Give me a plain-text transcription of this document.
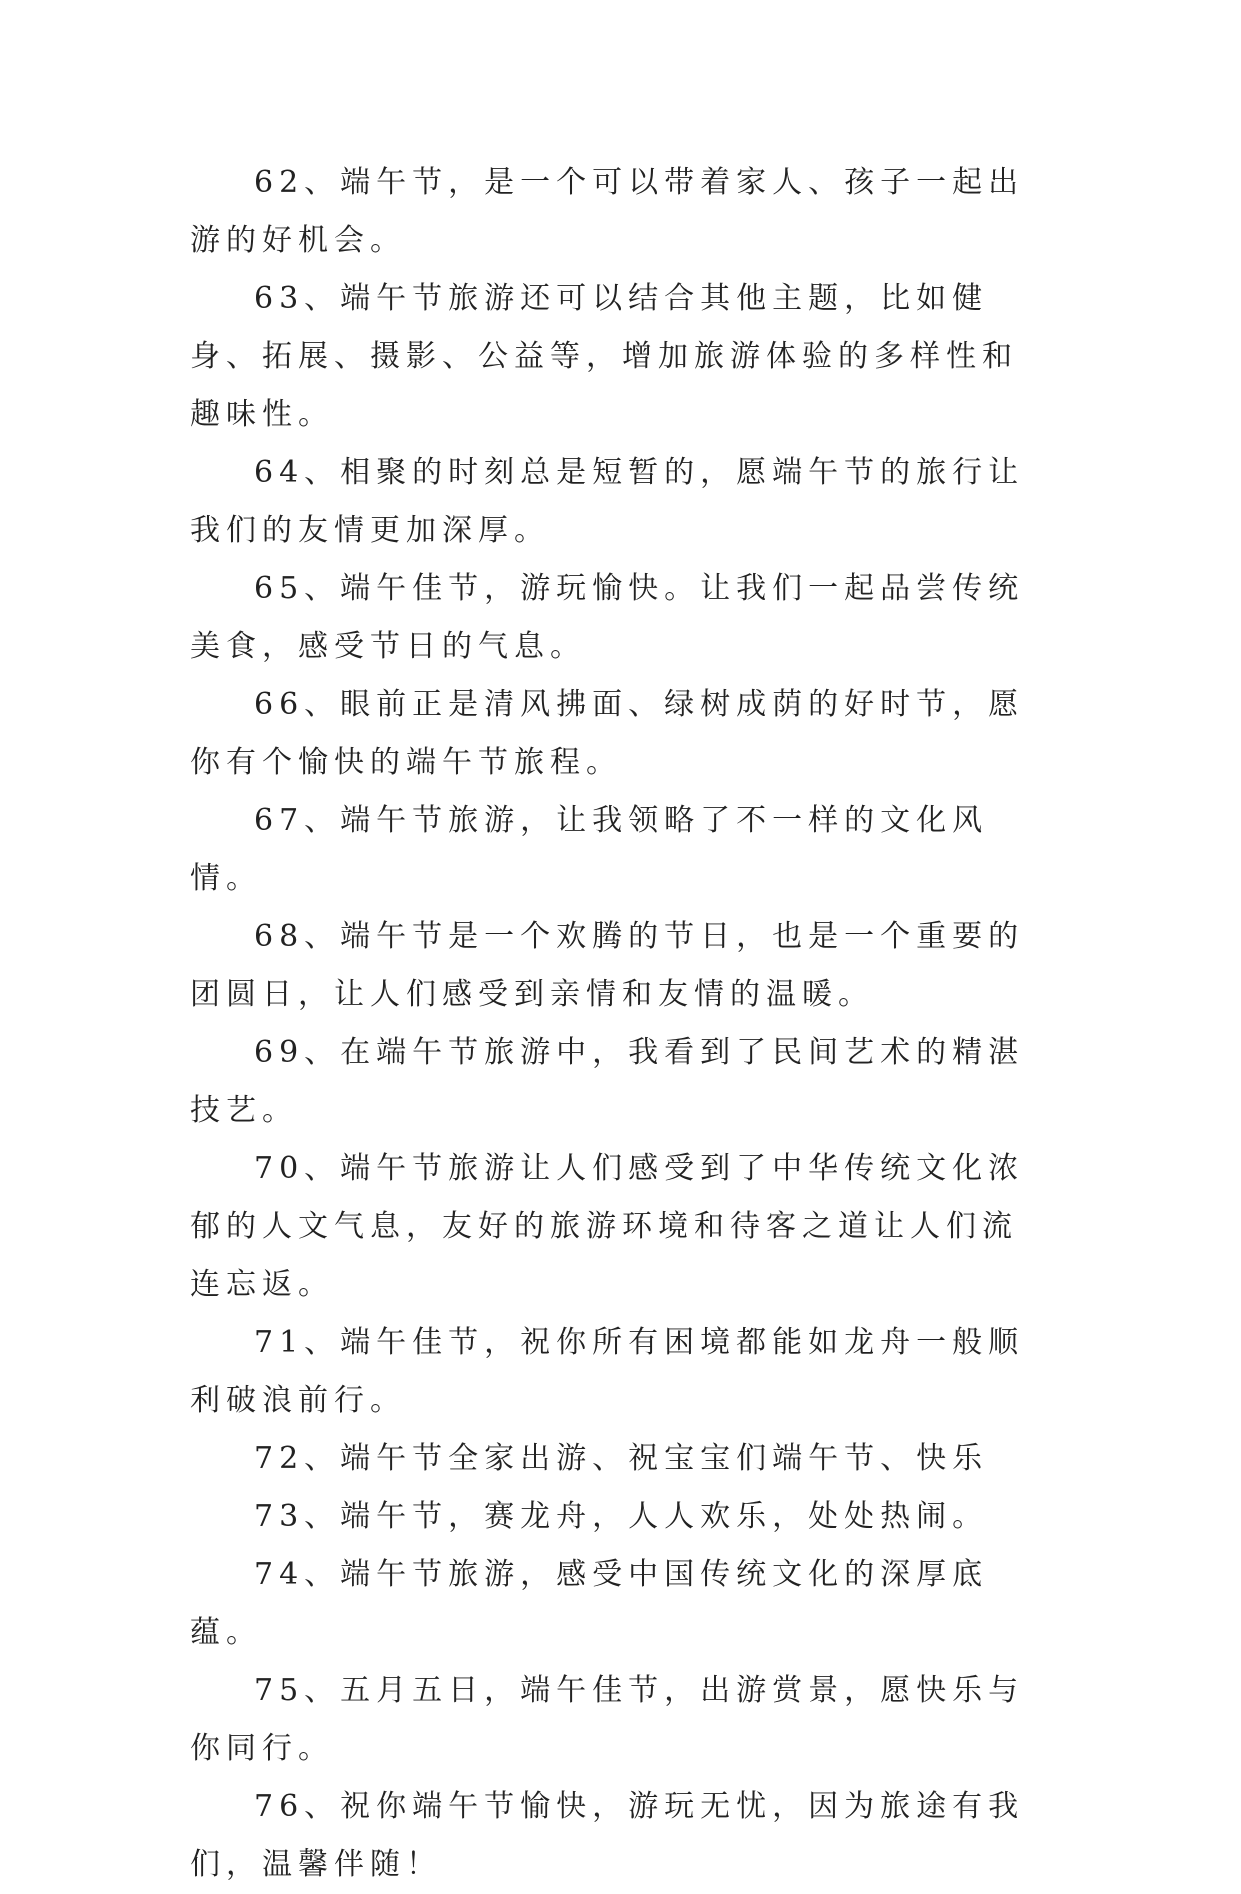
62、端午节，是一个可以带着家人、孩子一起出游的好机会。

63、端午节旅游还可以结合其他主题，比如健身、拓展、摄影、公益等，增加旅游体验的多样性和趣味性。

64、相聚的时刻总是短暂的，愿端午节的旅行让我们的友情更加深厚。

65、端午佳节，游玩愉快。让我们一起品尝传统美食，感受节日的气息。

66、眼前正是清风拂面、绿树成荫的好时节，愿你有个愉快的端午节旅程。

67、端午节旅游，让我领略了不一样的文化风情。

68、端午节是一个欢腾的节日，也是一个重要的团圆日，让人们感受到亲情和友情的温暖。

69、在端午节旅游中，我看到了民间艺术的精湛技艺。

70、端午节旅游让人们感受到了中华传统文化浓郁的人文气息，友好的旅游环境和待客之道让人们流连忘返。

71、端午佳节，祝你所有困境都能如龙舟一般顺利破浪前行。

72、端午节全家出游、祝宝宝们端午节、快乐

73、端午节，赛龙舟，人人欢乐，处处热闹。

74、端午节旅游，感受中国传统文化的深厚底蕴。

75、五月五日，端午佳节，出游赏景，愿快乐与你同行。

76、祝你端午节愉快，游玩无忧，因为旅途有我们，温馨伴随！
